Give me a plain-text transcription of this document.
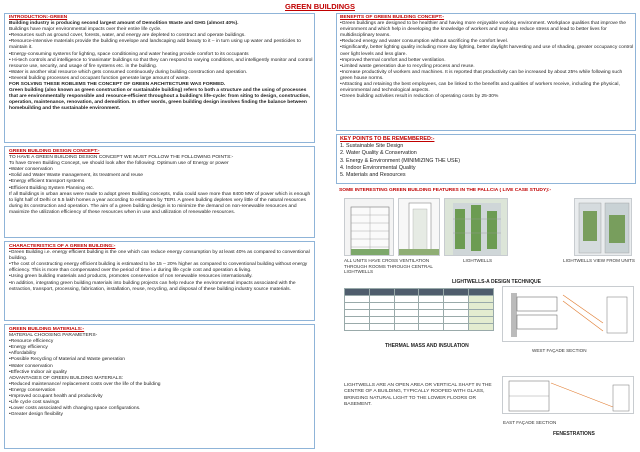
GREEN BUILDINGS

INTRODUCTION:-GREEN

Building industry is producing second largest amount of Demolition Waste and GHG (almost 40%).

Buildings have major environmental impacts over their entire life cycle.

•Resources such as ground cover, forests, water, and energy are depleted to construct and operate buildings.

•Resource-intensive materials provide the building envelope and landscaping add beauty to it – in turn using up water and pesticides to maintain it.

•Energy-consuming systems for lighting, space conditioning and water heating provide comfort to its occupants

• Hi-tech controls and intelligence to 'inanimate' buildings so that they can respond to varying conditions, and intelligently monitor and control resource use, security, and usage of fire systems etc. in the building.

•Water is another vital resource which gets consumed continuously during building construction and operation.

•Several building processes and occupant function generate large amount of waste.

FOR SOLVING THESE ROBLEMS THE CONCEPT OF GREEN ARCHITECTURE WAS FORMED.

Green building (also known as green construction or sustainable building) refers to both a structure and the using of processes that are environmentally responsible and resource-efficient throughout a building's life-cycle: from siting to design, construction, operation, maintenance, renovation, and demolition. In other words, green building design involves finding the balance between homebuilding and the sustainable environment.

GREEN BUILDING DESIGN CONCEPT:-

TO HAVE A GREEN BUILDING DESIGN CONCEPT WE MUST FOLLOW THE FOLLOWING POINTS:-

To have Green Building Concept, we should look after the following: Optimum use of Energy or power

•Water conservation

•Solid and Water Waste management, its treatment and reuse

•Energy efficient transport systems

•Efficient Building System Planning etc.

If all Buildings in urban areas were made to adopt green Building concepts, India could save more than 8400 MW of power which is enough to light half of Delhi or 5.5 lakh homes a year according to estimates by TERI. A green building depletes very little of the natural resources during its construction and operation. The aim of a green building design is to minimize the demand on non-renewable resources and maximize the utilization efficiency of these resources when in use and utilization of renewable resources.

CHARACTERISTICS OF A GREEN BUILDING:-

•Green Building i.e. energy efficient building is the one which can reduce energy consumption by at least 40% as compared to conventional building.

•The cost of constructing energy efficient building is estimated to be 15 – 20% higher as compared to conventional building without energy efficiency. This is more than compensated over the period of time i.e during life cycle cost and operation & living.

•Using green building materials and products, promotes conservation of non renewable resources internationally.

•In addition, integrating green building materials into building projects can help reduce the environmental impacts associated with the extraction, transport, processing, fabrication, installation, reuse, recycling, and disposal of these building industry source materials.

GREEN BUILDING MATERIALS:-

MATERIAL CHOOSING PARAMETERS-

•Resource efficiency

•Energy efficiency

•Affordability

•Possible Recycling of Material and Waste generation

•Water conservation

•Effective Indoor air quality

ADVANTAGES OF GREEN BUILDING MATERIALS:

•Reduced maintenance/ replacement costs over the life of the building

•Energy conservation

•Improved occupant health and productivity

•Life cycle cost savings

•Lower costs associated with changing space configurations.

•Greater design flexibility

BENEFITS OF GREEN BUILDING CONCEPT:-

•Green buildings are designed to be healthier and having more enjoyable working environment. Workplace qualities that improve the environment and which help in developing the knowledge of workers and may also reduce stress and lead to better lives for multidisciplinary teams.

•Reduced energy and water consumption without sacrificing the comfort level.

•Significantly, better lighting quality including more day lighting, better daylight harvesting and use of shading, greater occupancy control over light levels and less glare.

•Improved thermal comfort and better ventilation.

•Limited waste generation due to recycling process and reuse.

•Increase productivity of workers and machines. It is reported that productivity can be increased by about 25% while following such green house norms.

•Attracting and retaining the best employees, can be linked to the benefits and qualities of workers receive, including the physical, environmental and technological aspects.

•Green building activities result in reduction of operating costs by 25-30%

KEY POINTS TO BE REMEMBERED:-

1. Sustainable Site Design

2. Water Quality & Conservation

3. Energy & Environment (MINIMIZING THE USE)

4. Indoor Environmental Quality

5. Materials and Resources

SOME INTERESTING GREEN BUILDING FEATURES IN THE PALLCIA ( LIVE CASE STUDY):-
ALL UNITS HAVE CROSS VENTILATION THROUGH ROOMS THROUGH CENTRAL LIGHTWELLS
LIGHTWELLS	LIGHTWELLS VIEW FROM UNITS
LIGHTWELLS-A DESIGN TECHNIQUE

THERMAL MASS AND INSULATION
WEST FAÇADE SECTION
LIGHTWELLS ARE AN OPEN AREA OR VERTICAL SHAFT IN THE CENTRE OF A BUILDING, TYPICALLY ROOFED WITH GLASS, BRINGING NATURAL LIGHT TO THE LOWER FLOORS OR BASEMENT.
EAST FAÇADE SECTION
FENESTRATIONS
